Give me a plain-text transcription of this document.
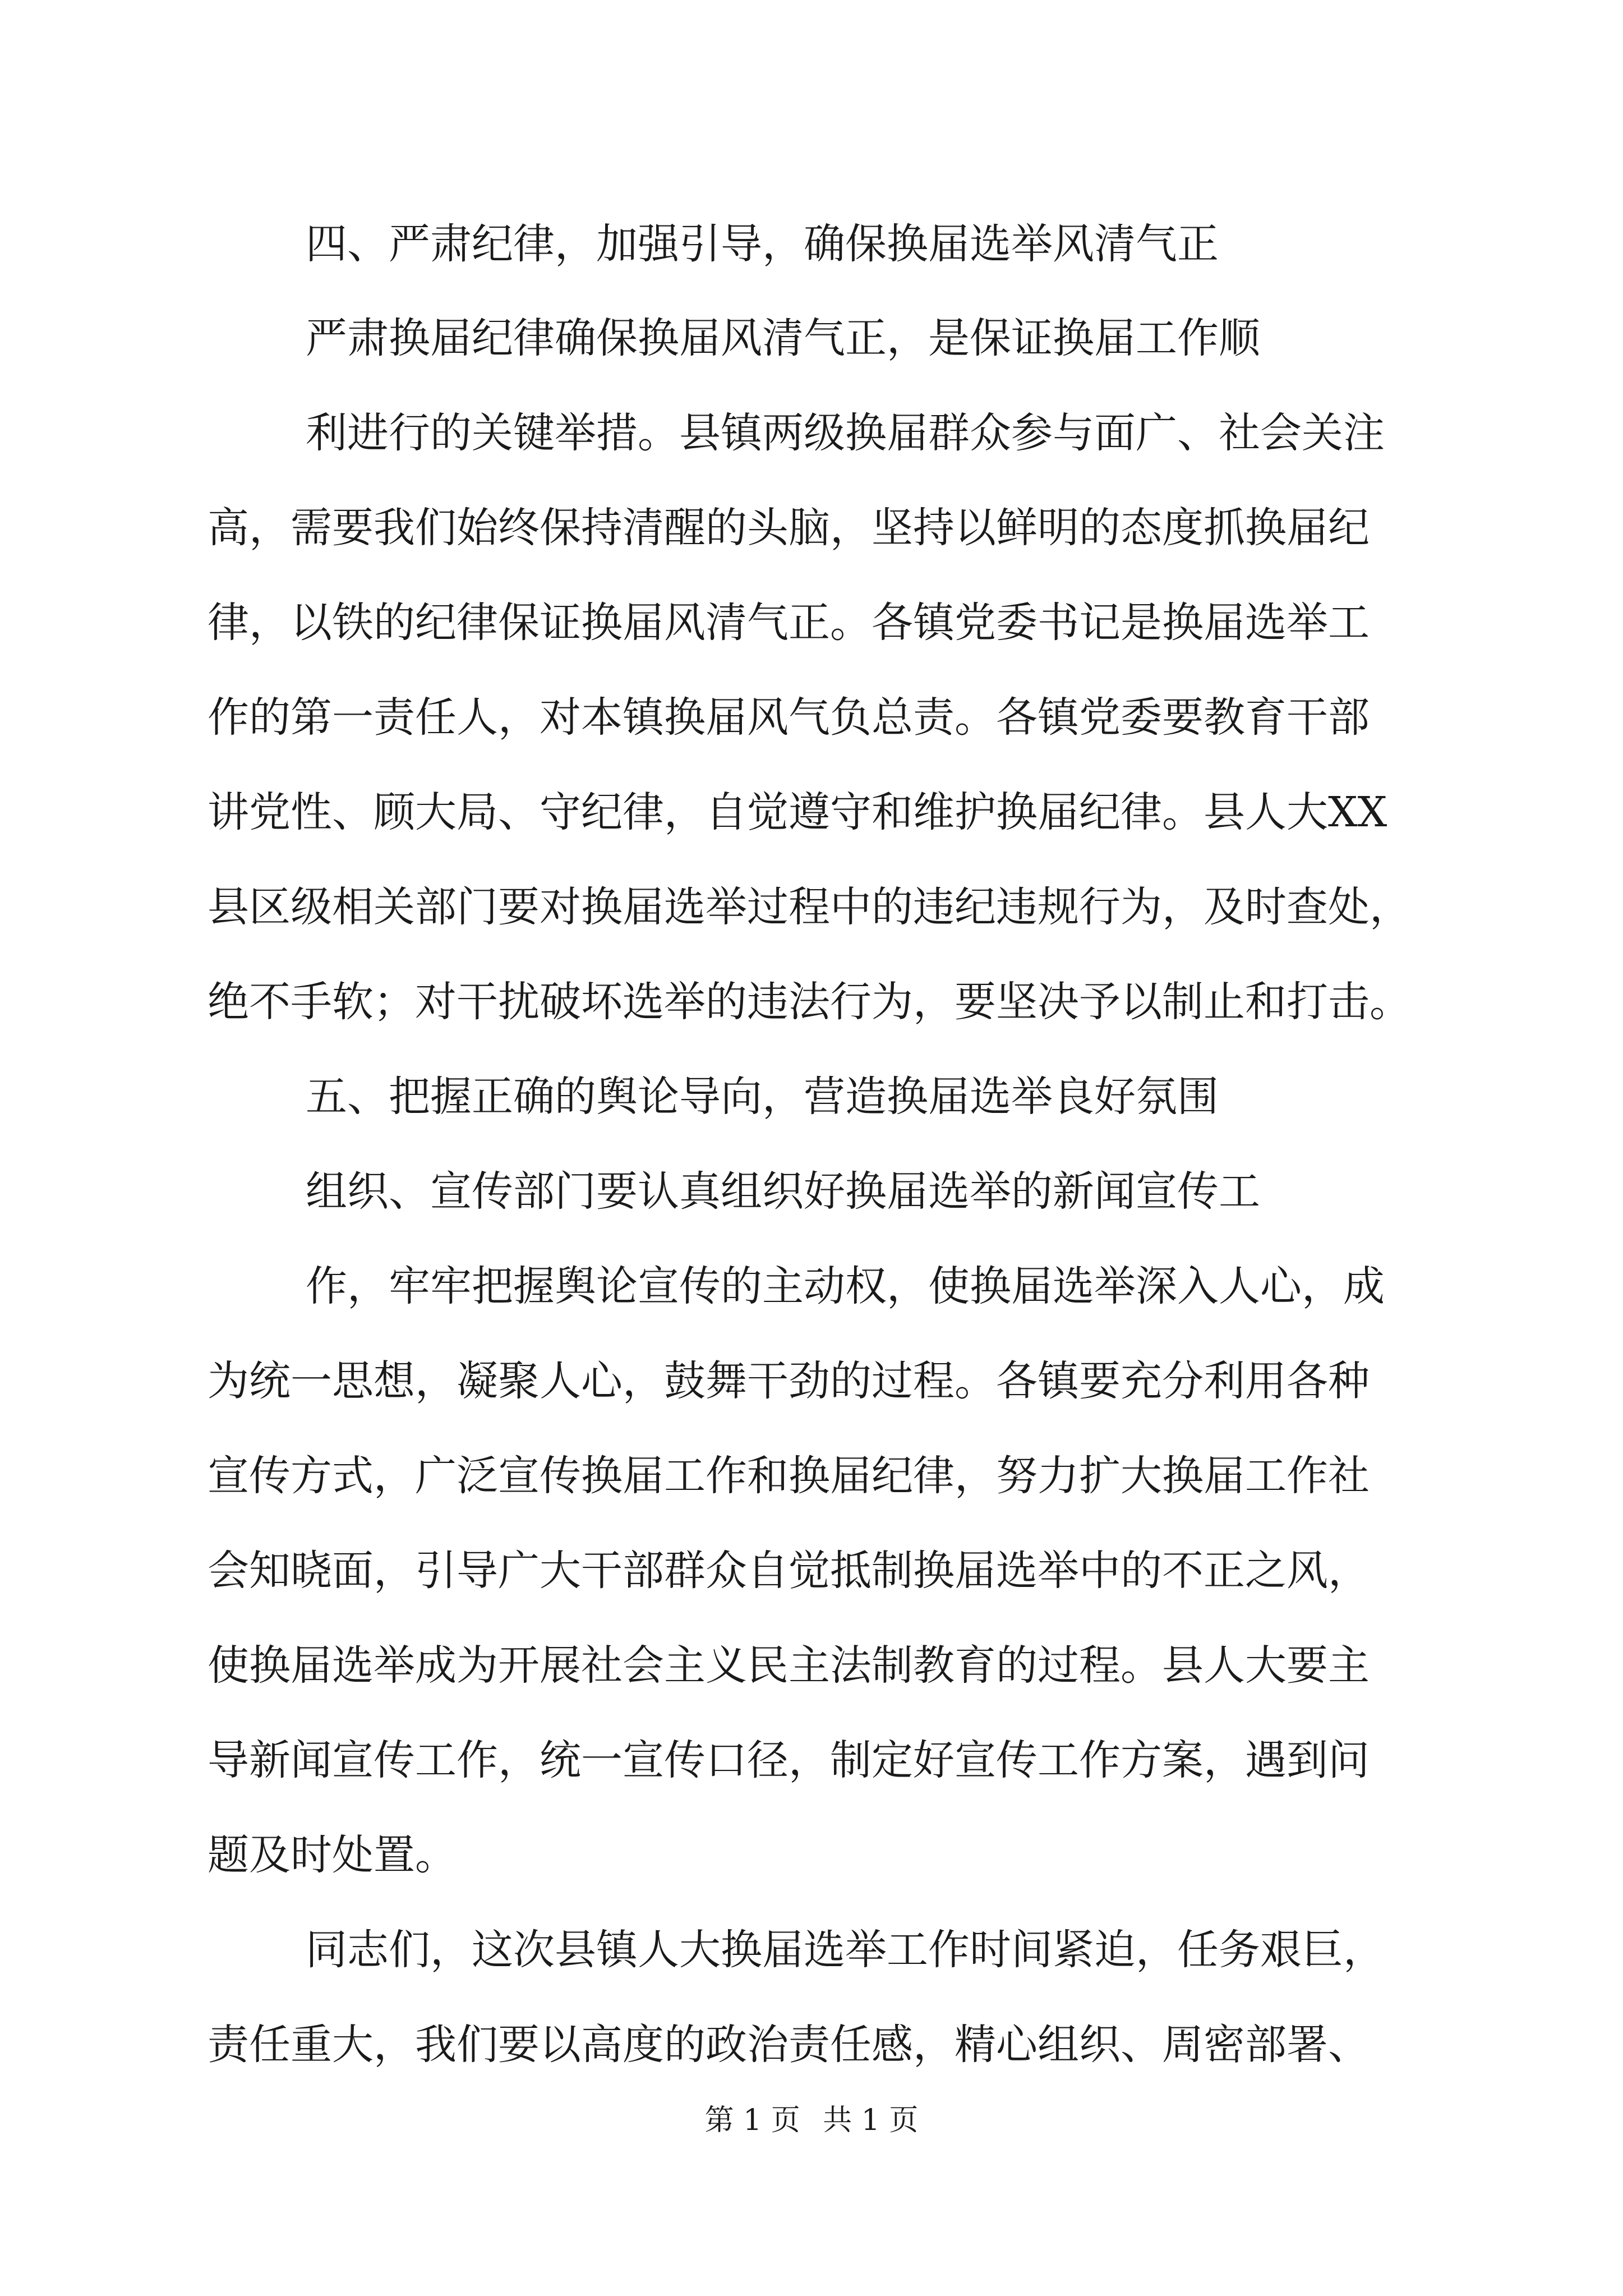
四、严肃纪律，加强引导，确保换届选举风清气正

严肃换届纪律确保换届风清气正，是保证换届工作顺

利进行的关键举措。县镇两级换届群众参与面广、社会关注

高，需要我们始终保持清醒的头脑，坚持以鲜明的态度抓换届纪

律，以铁的纪律保证换届风清气正。各镇党委书记是换届选举工

作的第一责任人，对本镇换届风气负总责。各镇党委要教育干部

讲党性、顾大局、守纪律，自觉遵守和维护换届纪律。县人大XX

县区级相关部门要对换届选举过程中的违纪违规行为，及时查处，

绝不手软；对干扰破坏选举的违法行为，要坚决予以制止和打击。

五、把握正确的舆论导向，营造换届选举良好氛围

组织、宣传部门要认真组织好换届选举的新闻宣传工

作，牢牢把握舆论宣传的主动权，使换届选举深入人心，成

为统一思想，凝聚人心，鼓舞干劲的过程。各镇要充分利用各种

宣传方式，广泛宣传换届工作和换届纪律，努力扩大换届工作社

会知晓面，引导广大干部群众自觉抵制换届选举中的不正之风，

使换届选举成为开展社会主义民主法制教育的过程。县人大要主

导新闻宣传工作，统一宣传口径，制定好宣传工作方案，遇到问

题及时处置。

同志们，这次县镇人大换届选举工作时间紧迫，任务艰巨，

责任重大，我们要以高度的政治责任感，精心组织、周密部署、

第 1 页 共 1 页
